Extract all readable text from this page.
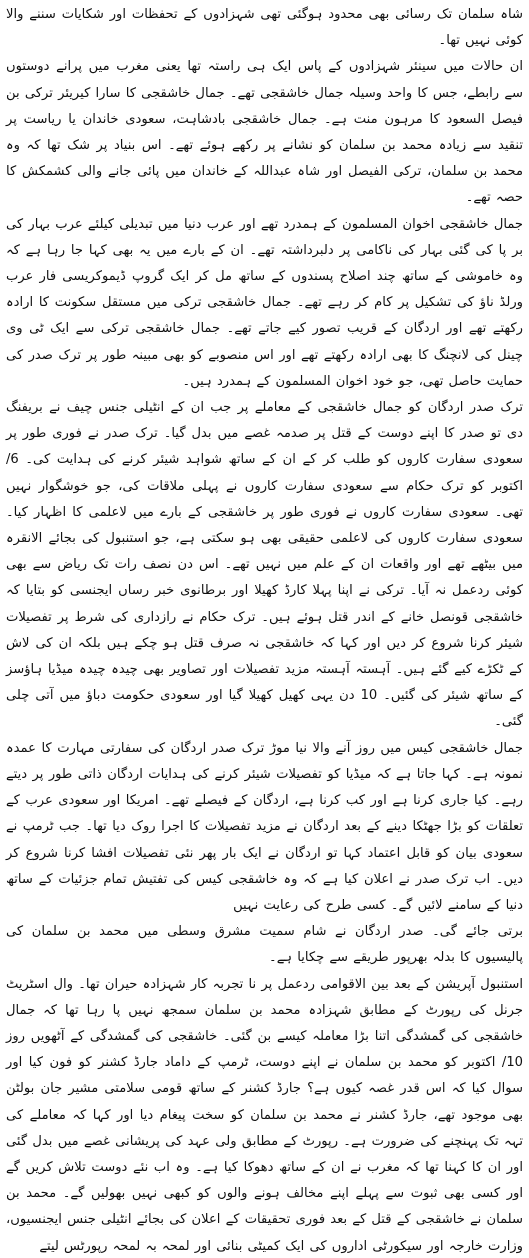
شاہ سلمان تک رسائی بھی محدود ہوگئی تھی شہزادوں کے تحفظات اور شکایات سننے والا کوئی نہیں تھا۔

ان حالات میں سینئر شہزادوں کے پاس ایک ہی راستہ تھا یعنی مغرب میں پرانے دوستوں سے رابطے، جس کا واحد وسیلہ جمال خاشقجی تھے۔ جمال خاشقجی کا سارا کیریئر ترکی بن فیصل السعود کا مرہون منت ہے۔ جمال خاشقجی بادشاہت، سعودی خاندان یا ریاست پر تنقید سے زیادہ محمد بن سلمان کو نشانے پر رکھے ہوئے تھے۔ اس بنیاد پر شک تھا کہ وہ محمد بن سلمان، ترکی الفیصل اور شاہ عبداللہ کے خاندان میں پائی جانے والی کشمکش کا حصہ تھے۔

جمال خاشقجی اخوان المسلمون کے ہمدرد تھے اور عرب دنیا میں تبدیلی کیلئے عرب بہار کی بر پا کی گئی بہار کی ناکامی پر دلبرداشتہ تھے۔ ان کے بارے میں یہ بھی کہا جا رہا ہے کہ وہ خاموشی کے ساتھ چند اصلاح پسندوں کے ساتھ مل کر ایک گروپ ڈیموکریسی فار عرب ورلڈ ناؤ کی تشکیل پر کام کر رہے تھے۔ جمال خاشقجی ترکی میں مستقل سکونت کا ارادہ رکھتے تھے اور اردگان کے قریب تصور کیے جاتے تھے۔ جمال خاشقجی ترکی سے ایک ٹی وی چینل کی لانچنگ کا بھی ارادہ رکھتے تھے اور اس منصوبے کو بھی مبینہ طور پر ترک صدر کی حمایت حاصل تھی، جو خود اخوان المسلمون کے ہمدرد ہیں۔

ترک صدر اردگان کو جمال خاشقجی کے معاملے پر جب ان کے انٹیلی جنس چیف نے بریفنگ دی تو صدر کا اپنے دوست کے قتل پر صدمہ غصے میں بدل گیا۔ ترک صدر نے فوری طور پر سعودی سفارت کاروں کو طلب کر کے ان کے ساتھ شواہد شیئر کرنے کی ہدایت کی۔ 6/ اکتوبر کو ترک حکام سے سعودی سفارت کاروں نے پہلی ملاقات کی، جو خوشگوار نہیں تھی۔ سعودی سفارت کاروں نے فوری طور پر خاشقجی کے بارے میں لاعلمی کا اظہار کیا۔ سعودی سفارت کاروں کی لاعلمی حقیقی بھی ہو سکتی ہے، جو استنبول کی بجائے الانقرہ میں بیٹھے تھے اور واقعات ان کے علم میں نہیں تھے۔ اس دن نصف رات تک ریاض سے بھی کوئی ردعمل نہ آیا۔ ترکی نے اپنا پہلا کارڈ کھیلا اور برطانوی خبر رساں ایجنسی کو بتایا کہ خاشقجی قونصل خانے کے اندر قتل ہوئے ہیں۔ ترک حکام نے رازداری کی شرط پر تفصیلات شیئر کرنا شروع کر دیں اور کہا کہ خاشقجی نہ صرف قتل ہو چکے ہیں بلکہ ان کی لاش کے ٹکڑے کیے گئے ہیں۔ آہستہ آہستہ مزید تفصیلات اور تصاویر بھی چیدہ چیدہ میڈیا ہاؤسز کے ساتھ شیئر کی گئیں۔ 10 دن یہی کھیل کھیلا گیا اور سعودی حکومت دباؤ میں آتی چلی گئی۔

جمال خاشقجی کیس میں روز آنے والا نیا موڑ ترک صدر اردگان کی سفارتی مہارت کا عمدہ نمونہ ہے۔ کہا جاتا ہے کہ میڈیا کو تفصیلات شیئر کرنے کی ہدایات اردگان ذاتی طور پر دیتے رہے۔ کیا جاری کرنا ہے اور کب کرنا ہے، اردگان کے فیصلے تھے۔ امریکا اور سعودی عرب کے تعلقات کو بڑا جھٹکا دینے کے بعد اردگان نے مزید تفصیلات کا اجرا روک دیا تھا۔ جب ٹرمپ نے سعودی بیان کو قابل اعتماد کہا تو اردگان نے ایک بار پھر نئی تفصیلات افشا کرنا شروع کر دیں۔ اب ترک صدر نے اعلان کیا ہے کہ وہ خاشقجی کیس کی تفتیش تمام جزئیات کے ساتھ دنیا کے سامنے لائیں گے۔ کسی طرح کی رعایت نہیں

برتی جائے گی۔ صدر اردگان نے شام سمیت مشرق وسطی میں محمد بن سلمان کی پالیسیوں کا بدلہ بھرپور طریقے سے چکایا ہے۔

استنبول آپریشن کے بعد بین الاقوامی ردعمل پر نا تجربہ کار شہزادہ حیران تھا۔ وال اسٹریٹ جرنل کی رپورٹ کے مطابق شہزادہ محمد بن سلمان سمجھ نہیں پا رہا تھا کہ جمال خاشقجی کی گمشدگی اتنا بڑا معاملہ کیسے بن گئی۔ خاشقجی کی گمشدگی کے آٹھویں روز 10/ اکتوبر کو محمد بن سلمان نے اپنے دوست، ٹرمپ کے داماد جارڈ کشنر کو فون کیا اور سوال کیا کہ اس قدر غصہ کیوں ہے؟ جارڈ کشنر کے ساتھ قومی سلامتی مشیر جان بولٹن بھی موجود تھے، جارڈ کشنر نے محمد بن سلمان کو سخت پیغام دیا اور کہا کہ معاملے کی تہہ تک پہنچنے کی ضرورت ہے۔ رپورٹ کے مطابق ولی عہد کی پریشانی غصے میں بدل گئی اور ان کا کہنا تھا کہ مغرب نے ان کے ساتھ دھوکا کیا ہے۔ وہ اب نئے دوست تلاش کریں گے اور کسی بھی ثبوت سے پہلے اپنے مخالف ہونے والوں کو کبھی نہیں بھولیں گے۔ محمد بن سلمان نے خاشقجی کے قتل کے بعد فوری تحقیقات کے اعلان کی بجائے انٹیلی جنس ایجنسیوں، وزارت خارجہ اور سیکورٹی اداروں کی ایک کمیٹی بنائی اور لمحہ بہ لمحہ رپورٹس لیتے
